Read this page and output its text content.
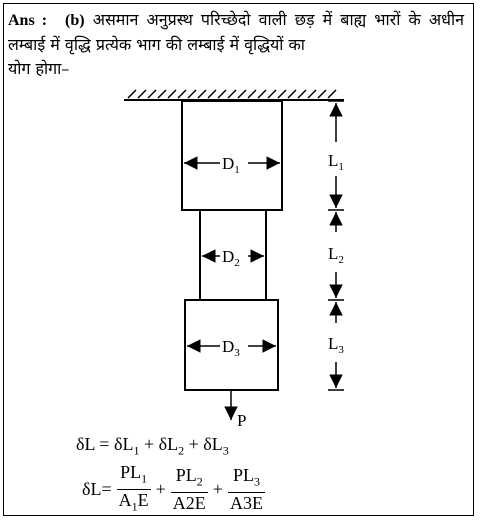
Ans : (b) असमान अनुप्रस्थ परिच्छेदो वाली छड़ में बाह्य भारों के अधीन लम्बाई में वृद्धि प्रत्येक भाग की लम्बाई में वृद्धियों का
योग होगा–
$D_1$
$D_2$
$D_3$
$L_1$
$L_2$
$L_3$
P
$\delta L = \delta L_1 + \delta L_2 + \delta L_3$
$\delta L= \frac{PL_1}{A_1E} + \frac{PL_2}{A2E} + \frac{PL_3}{A3E}$
